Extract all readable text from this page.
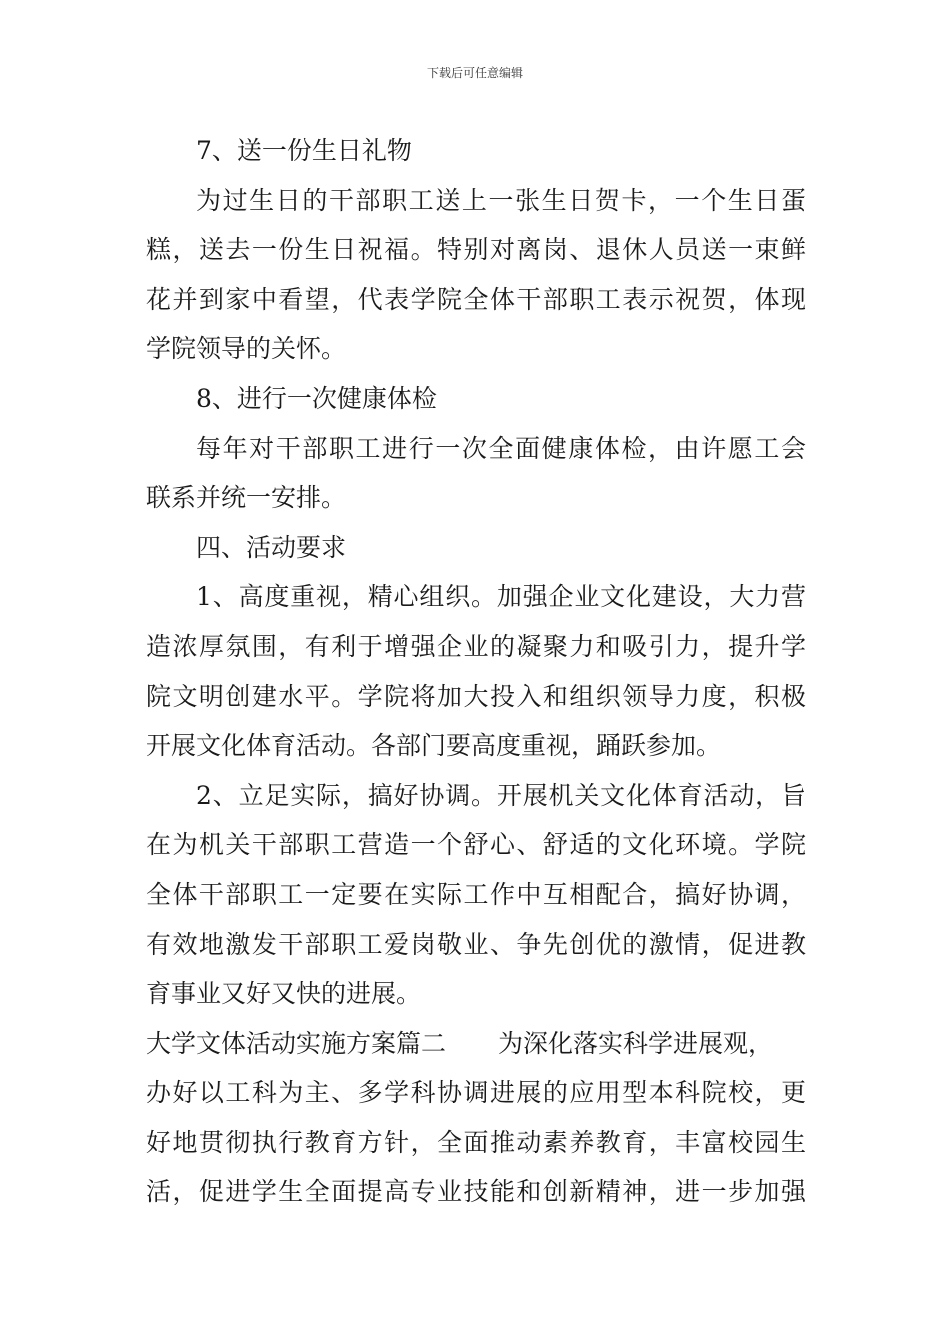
下载后可任意编辑
7、送一份生日礼物
为过生日的干部职工送上一张生日贺卡，一个生日蛋
糕，送去一份生日祝福。特别对离岗、退休人员送一束鲜
花并到家中看望，代表学院全体干部职工表示祝贺，体现
学院领导的关怀。
8、进行一次健康体检
每年对干部职工进行一次全面健康体检，由许愿工会
联系并统一安排。
四、活动要求
1、高度重视，精心组织。加强企业文化建设，大力营
造浓厚氛围，有利于增强企业的凝聚力和吸引力，提升学
院文明创建水平。学院将加大投入和组织领导力度，积极
开展文化体育活动。各部门要高度重视，踊跃参加。
2、立足实际，搞好协调。开展机关文化体育活动，旨
在为机关干部职工营造一个舒心、舒适的文化环境。学院
全体干部职工一定要在实际工作中互相配合，搞好协调，
有效地激发干部职工爱岗敬业、争先创优的激情，促进教
育事业又好又快的进展。
大学文体活动实施方案篇二 为深化落实科学进展观，
办好以工科为主、多学科协调进展的应用型本科院校，更
好地贯彻执行教育方针，全面推动素养教育，丰富校园生
活，促进学生全面提高专业技能和创新精神，进一步加强
